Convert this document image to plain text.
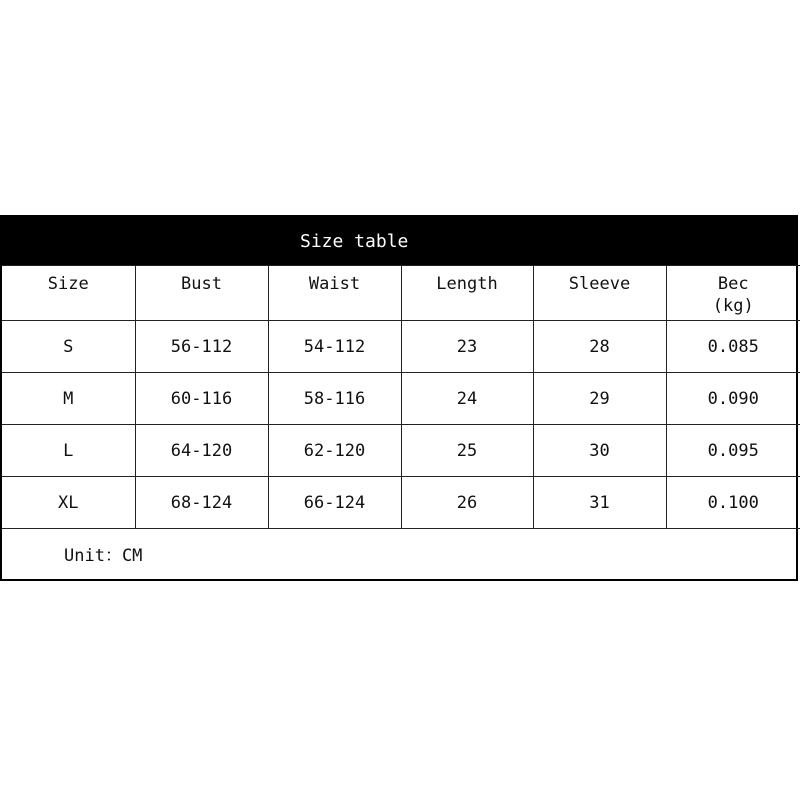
Size table
Size	Bust	Waist	Length	Sleeve	Bec
(kg)

S	56-112	54-112	23	28	0.085
M	60-116	58-116	24	29	0.090
L	64-120	62-120	25	30	0.095
XL	68-124	66-124	26	31	0.100
Unit：CM					
